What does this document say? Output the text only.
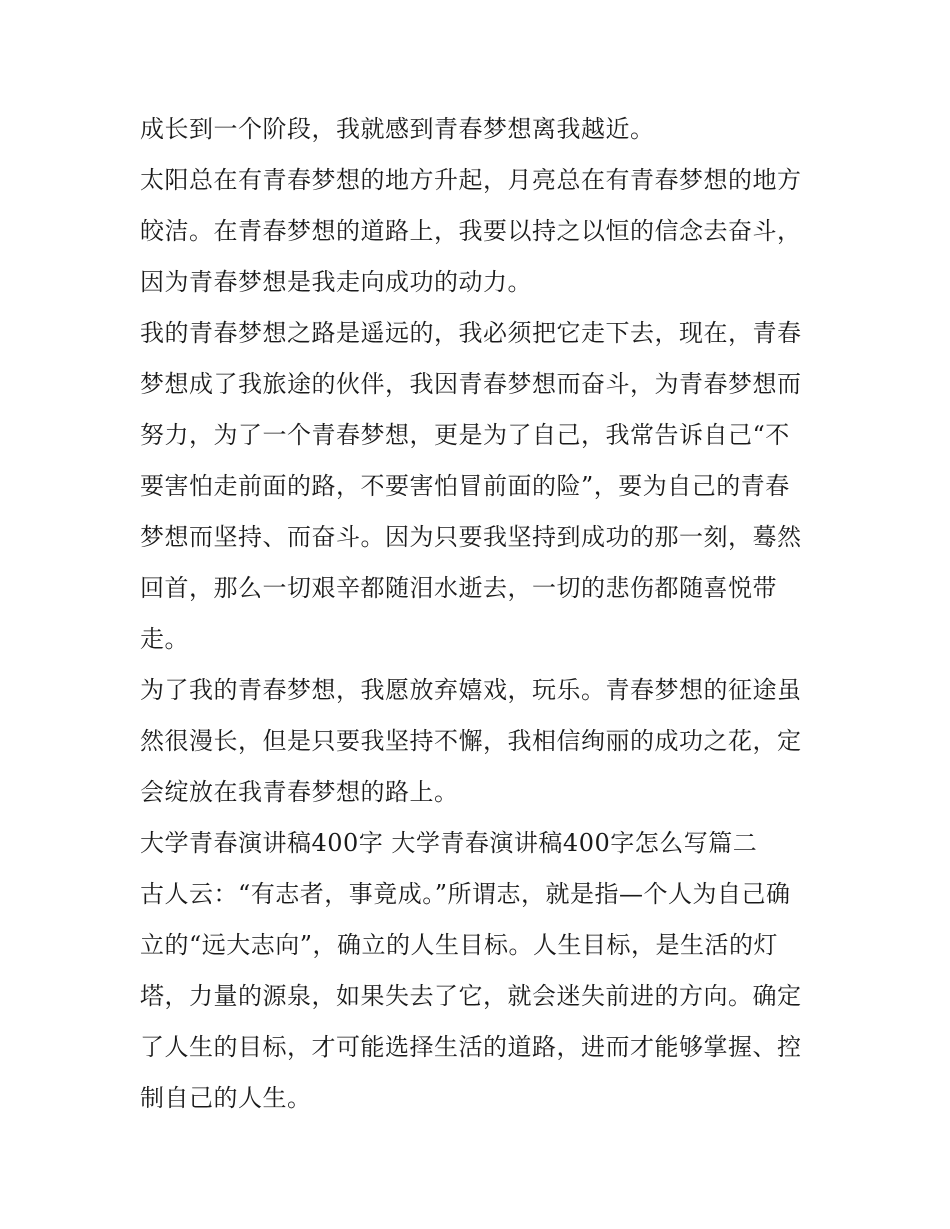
成长到一个阶段，我就感到青春梦想离我越近。
太阳总在有青春梦想的地方升起，月亮总在有青春梦想的地方
皎洁。在青春梦想的道路上，我要以持之以恒的信念去奋斗，
因为青春梦想是我走向成功的动力。
我的青春梦想之路是遥远的，我必须把它走下去，现在，青春
梦想成了我旅途的伙伴，我因青春梦想而奋斗，为青春梦想而
努力，为了一个青春梦想，更是为了自己，我常告诉自己“不
要害怕走前面的路，不要害怕冒前面的险”，要为自己的青春
梦想而坚持、而奋斗。因为只要我坚持到成功的那一刻，蓦然
回首，那么一切艰辛都随泪水逝去，一切的悲伤都随喜悦带
走。
为了我的青春梦想，我愿放弃嬉戏，玩乐。青春梦想的征途虽
然很漫长，但是只要我坚持不懈，我相信绚丽的成功之花，定
会绽放在我青春梦想的路上。
大学青春演讲稿400字 大学青春演讲稿400字怎么写篇二
古人云：“有志者，事竟成。”所谓志，就是指—个人为自己确
立的“远大志向”，确立的人生目标。人生目标，是生活的灯
塔，力量的源泉，如果失去了它，就会迷失前进的方向。确定
了人生的目标，才可能选择生活的道路，进而才能够掌握、控
制自己的人生。
